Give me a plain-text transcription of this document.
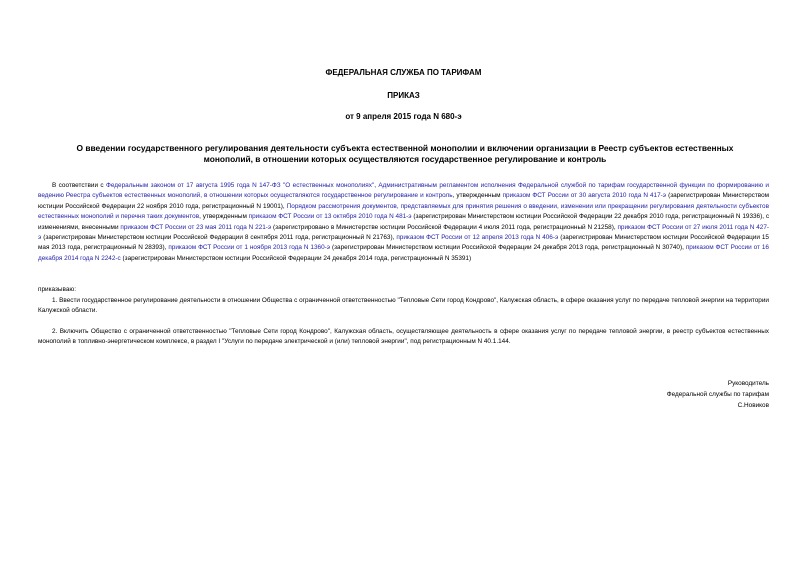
ФЕДЕРАЛЬНАЯ СЛУЖБА ПО ТАРИФАМ
ПРИКАЗ
от 9 апреля 2015 года N 680-э
О введении государственного регулирования деятельности субъекта естественной монополии и включении организации в Реестр субъектов естественных монополий, в отношении которых осуществляются государственное регулирование и контроль
В соответствии с Федеральным законом от 17 августа 1995 года N 147-ФЗ "О естественных монополиях", Административным регламентом исполнения Федеральной службой по тарифам государственной функции по формированию и ведению Реестра субъектов естественных монополий, в отношении которых осуществляются государственное регулирование и контроль, утвержденным приказом ФСТ России от 30 августа 2010 года N 417-э (зарегистрирован Министерством юстиции Российской Федерации 22 ноября 2010 года, регистрационный N 19001), Порядком рассмотрения документов, представляемых для принятия решения о введении, изменении или прекращении регулирования деятельности субъектов естественных монополий и перечня таких документов, утвержденным приказом ФСТ России от 13 октября 2010 года N 481-э (зарегистрирован Министерством юстиции Российской Федерации 22 декабря 2010 года, регистрационный N 19336), с изменениями, внесенными приказом ФСТ России от 23 мая 2011 года N 221-э (зарегистрировано в Министерстве юстиции Российской Федерации 4 июля 2011 года, регистрационный N 21258), приказом ФСТ России от 27 июля 2011 года N 427-э (зарегистрирован Министерством юстиции Российской Федерации 8 сентября 2011 года, регистрационный N 21763), приказом ФСТ России от 12 апреля 2013 года N 406-э (зарегистрирован Министерством юстиции Российской Федерации 15 мая 2013 года, регистрационный N 28393), приказом ФСТ России от 1 ноября 2013 года N 1360-э (зарегистрирован Министерством юстиции Российской Федерации 24 декабря 2013 года, регистрационный N 30740), приказом ФСТ России от 16 декабря 2014 года N 2242-с (зарегистрирован Министерством юстиции Российской Федерации 24 декабря 2014 года, регистрационный N 35391)
приказываю:
1. Ввести государственное регулирование деятельности в отношении Общества с ограниченной ответственностью "Тепловые Сети город Кондрово", Калужская область, в сфере оказания услуг по передаче тепловой энергии на территории Калужской области.
2. Включить Общество с ограниченной ответственностью "Тепловые Сети город Кондрово", Калужская область, осуществляющее деятельность в сфере оказания услуг по передаче тепловой энергии, в реестр субъектов естественных монополий в топливно-энергетическом комплексе, в раздел I "Услуги по передаче электрической и (или) тепловой энергии", под регистрационным N 40.1.144.
Руководитель
Федеральной службы по тарифам
С.Новиков
